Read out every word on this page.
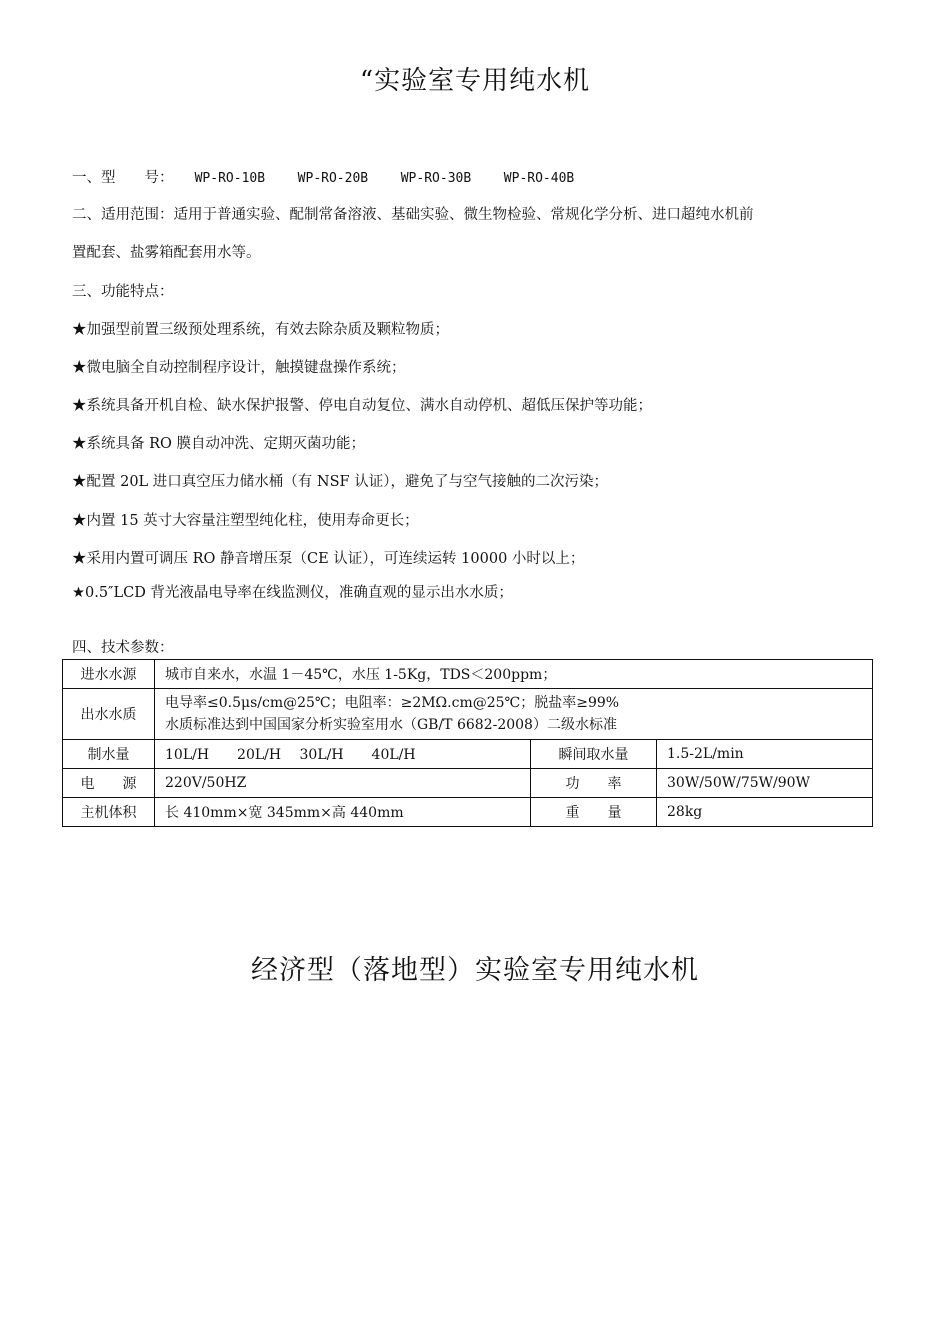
“实验室专用纯水机
一、型　　号： WP-RO-10B	WP-RO-20B	WP-RO-30B	WP-RO-40B
二、适用范围：适用于普通实验、配制常备溶液、基础实验、微生物检验、常规化学分析、进口超纯水机前
置配套、盐雾箱配套用水等。
三、功能特点：
★加强型前置三级预处理系统，有效去除杂质及颗粒物质；
★微电脑全自动控制程序设计，触摸键盘操作系统；
★系统具备开机自检、缺水保护报警、停电自动复位、满水自动停机、超低压保护等功能；
★系统具备 RO 膜自动冲洗、定期灭菌功能；
★配置 20L 进口真空压力储水桶（有 NSF 认证），避免了与空气接触的二次污染；
★内置 15 英寸大容量注塑型纯化柱，使用寿命更长；
★采用内置可调压 RO 静音增压泵（CE 认证），可连续运转 10000 小时以上；
★0.5″LCD 背光液晶电导率在线监测仪，准确直观的显示出水水质；
四、技术参数：
进水水源	城市自来水，水温 1－45℃，水压 1-5Kg，TDS＜200ppm；		
出水水质	电导率≤0.5μs/cm@25℃；电阻率：≥2MΩ.cm@25℃；脱盐率≥99%
水质标准达到中国国家分析实验室用水（GB/T 6682-2008）二级水标准		

制水量	10L/H　　20L/H　 30L/H　　40L/H	瞬间取水量	1.5-2L/min
电　　源	220V/50HZ	功　　率	30W/50W/75W/90W
主机体积	长 410mm×宽 345mm×高 440mm	重　　量	28kg
经济型（落地型）实验室专用纯水机
